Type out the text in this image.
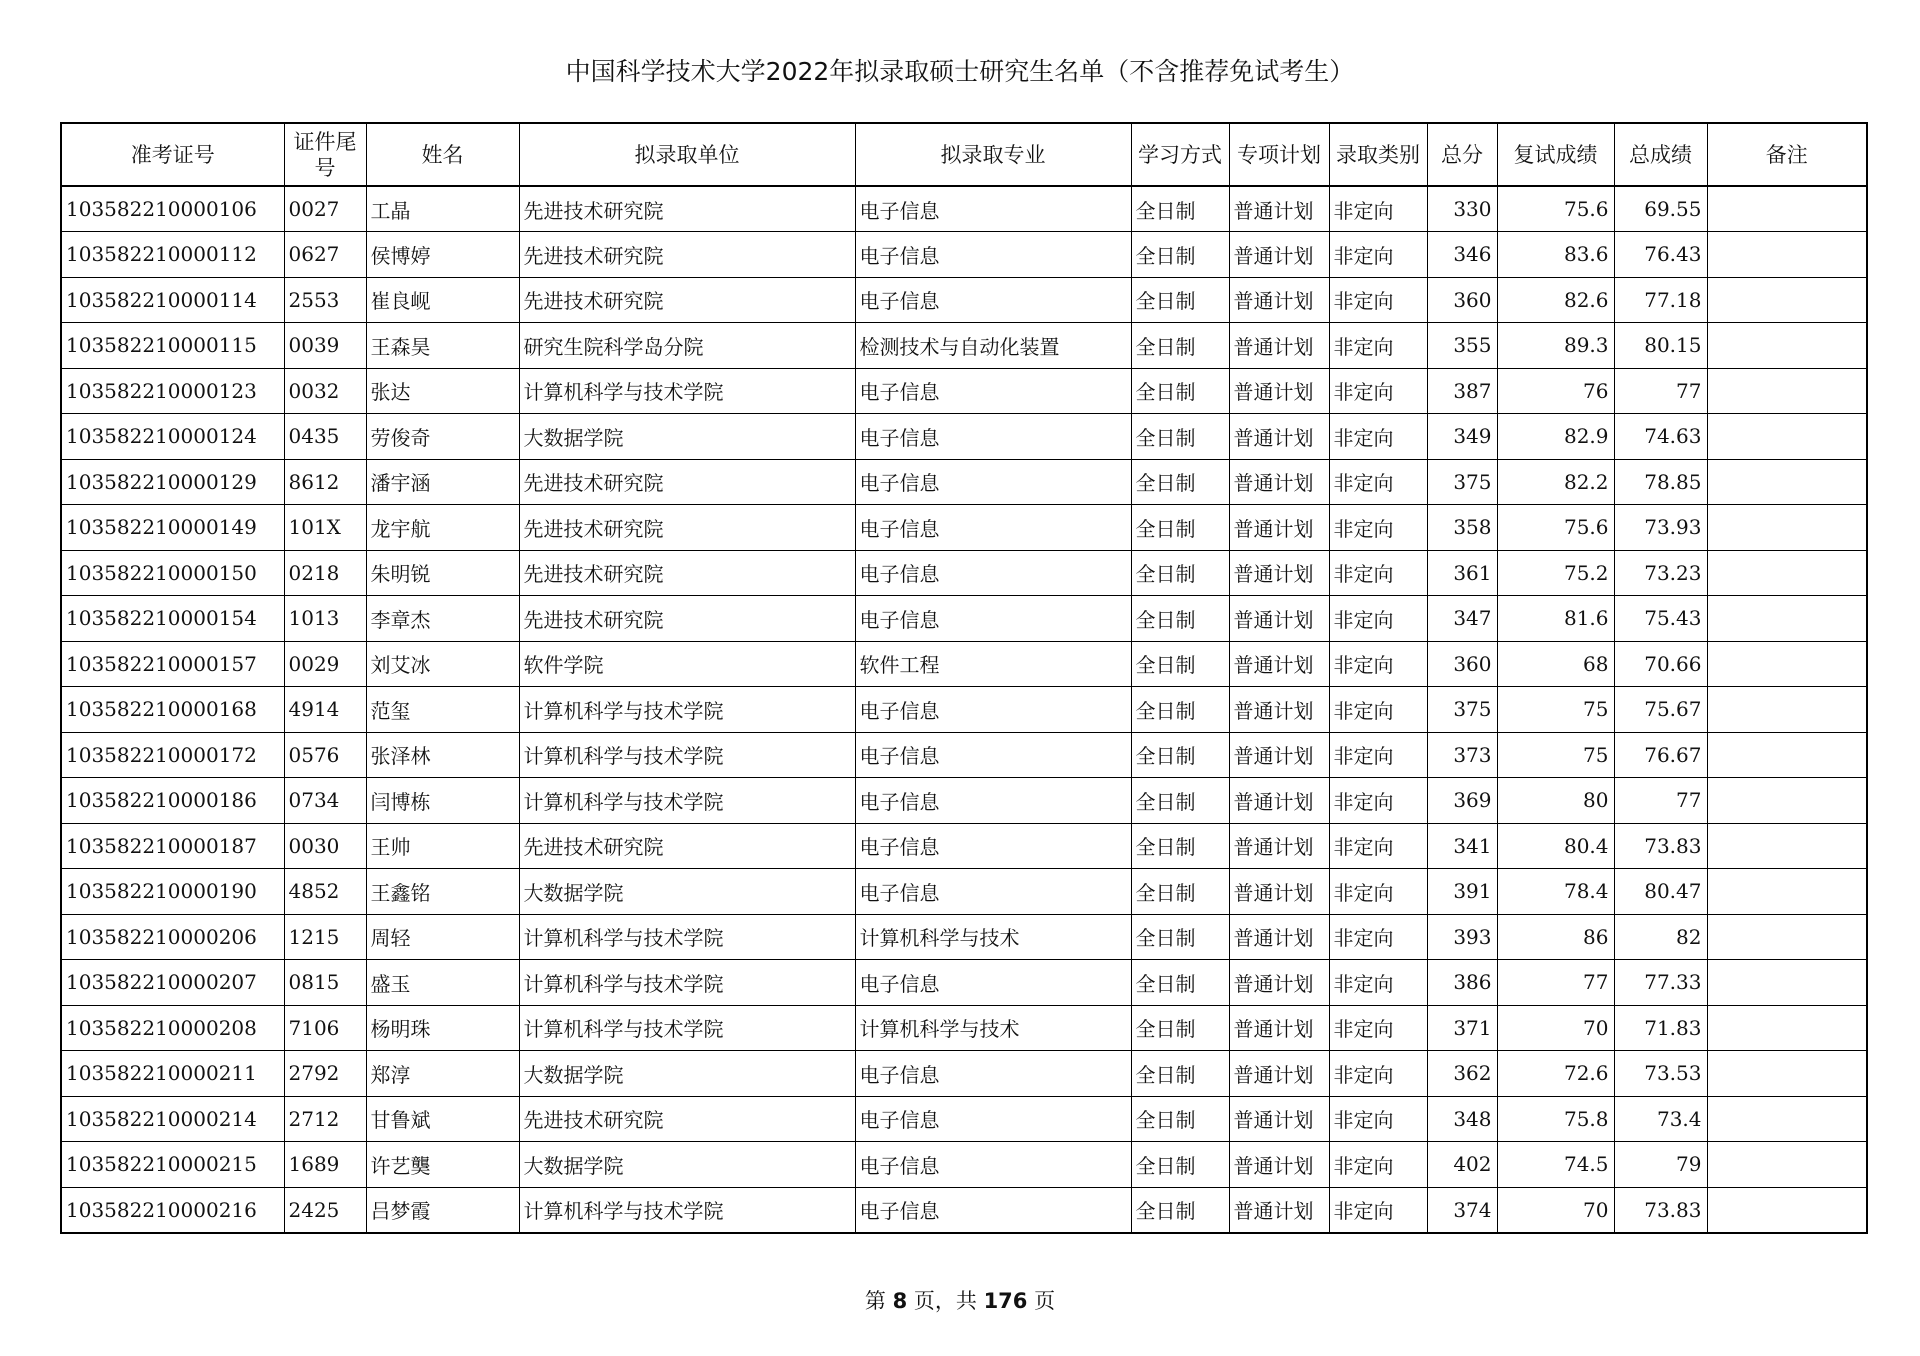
中国科学技术大学2022年拟录取硕士研究生名单（不含推荐免试考生）
准考证号	证件尾号	姓名	拟录取单位	拟录取专业	学习方式	专项计划	录取类别	总分	复试成绩	总成绩	备注
103582210000106	0027	工晶	先进技术研究院	电子信息	全日制	普通计划	非定向	330	75.6	69.55	
103582210000112	0627	侯博婷	先进技术研究院	电子信息	全日制	普通计划	非定向	346	83.6	76.43	
103582210000114	2553	崔良岘	先进技术研究院	电子信息	全日制	普通计划	非定向	360	82.6	77.18	
103582210000115	0039	王森昊	研究生院科学岛分院	检测技术与自动化装置	全日制	普通计划	非定向	355	89.3	80.15	
103582210000123	0032	张达	计算机科学与技术学院	电子信息	全日制	普通计划	非定向	387	76	77	
103582210000124	0435	劳俊奇	大数据学院	电子信息	全日制	普通计划	非定向	349	82.9	74.63	
103582210000129	8612	潘宇涵	先进技术研究院	电子信息	全日制	普通计划	非定向	375	82.2	78.85	
103582210000149	101X	龙宇航	先进技术研究院	电子信息	全日制	普通计划	非定向	358	75.6	73.93	
103582210000150	0218	朱明锐	先进技术研究院	电子信息	全日制	普通计划	非定向	361	75.2	73.23	
103582210000154	1013	李章杰	先进技术研究院	电子信息	全日制	普通计划	非定向	347	81.6	75.43	
103582210000157	0029	刘艾冰	软件学院	软件工程	全日制	普通计划	非定向	360	68	70.66	
103582210000168	4914	范玺	计算机科学与技术学院	电子信息	全日制	普通计划	非定向	375	75	75.67	
103582210000172	0576	张泽林	计算机科学与技术学院	电子信息	全日制	普通计划	非定向	373	75	76.67	
103582210000186	0734	闫博栋	计算机科学与技术学院	电子信息	全日制	普通计划	非定向	369	80	77	
103582210000187	0030	王帅	先进技术研究院	电子信息	全日制	普通计划	非定向	341	80.4	73.83	
103582210000190	4852	王鑫铭	大数据学院	电子信息	全日制	普通计划	非定向	391	78.4	80.47	
103582210000206	1215	周轻	计算机科学与技术学院	计算机科学与技术	全日制	普通计划	非定向	393	86	82	
103582210000207	0815	盛玉	计算机科学与技术学院	电子信息	全日制	普通计划	非定向	386	77	77.33	
103582210000208	7106	杨明珠	计算机科学与技术学院	计算机科学与技术	全日制	普通计划	非定向	371	70	71.83	
103582210000211	2792	郑淳	大数据学院	电子信息	全日制	普通计划	非定向	362	72.6	73.53	
103582210000214	2712	甘鲁斌	先进技术研究院	电子信息	全日制	普通计划	非定向	348	75.8	73.4	
103582210000215	1689	许艺龑	大数据学院	电子信息	全日制	普通计划	非定向	402	74.5	79	
103582210000216	2425	吕梦霞	计算机科学与技术学院	电子信息	全日制	普通计划	非定向	374	70	73.83	
第 8 页，共 176 页
